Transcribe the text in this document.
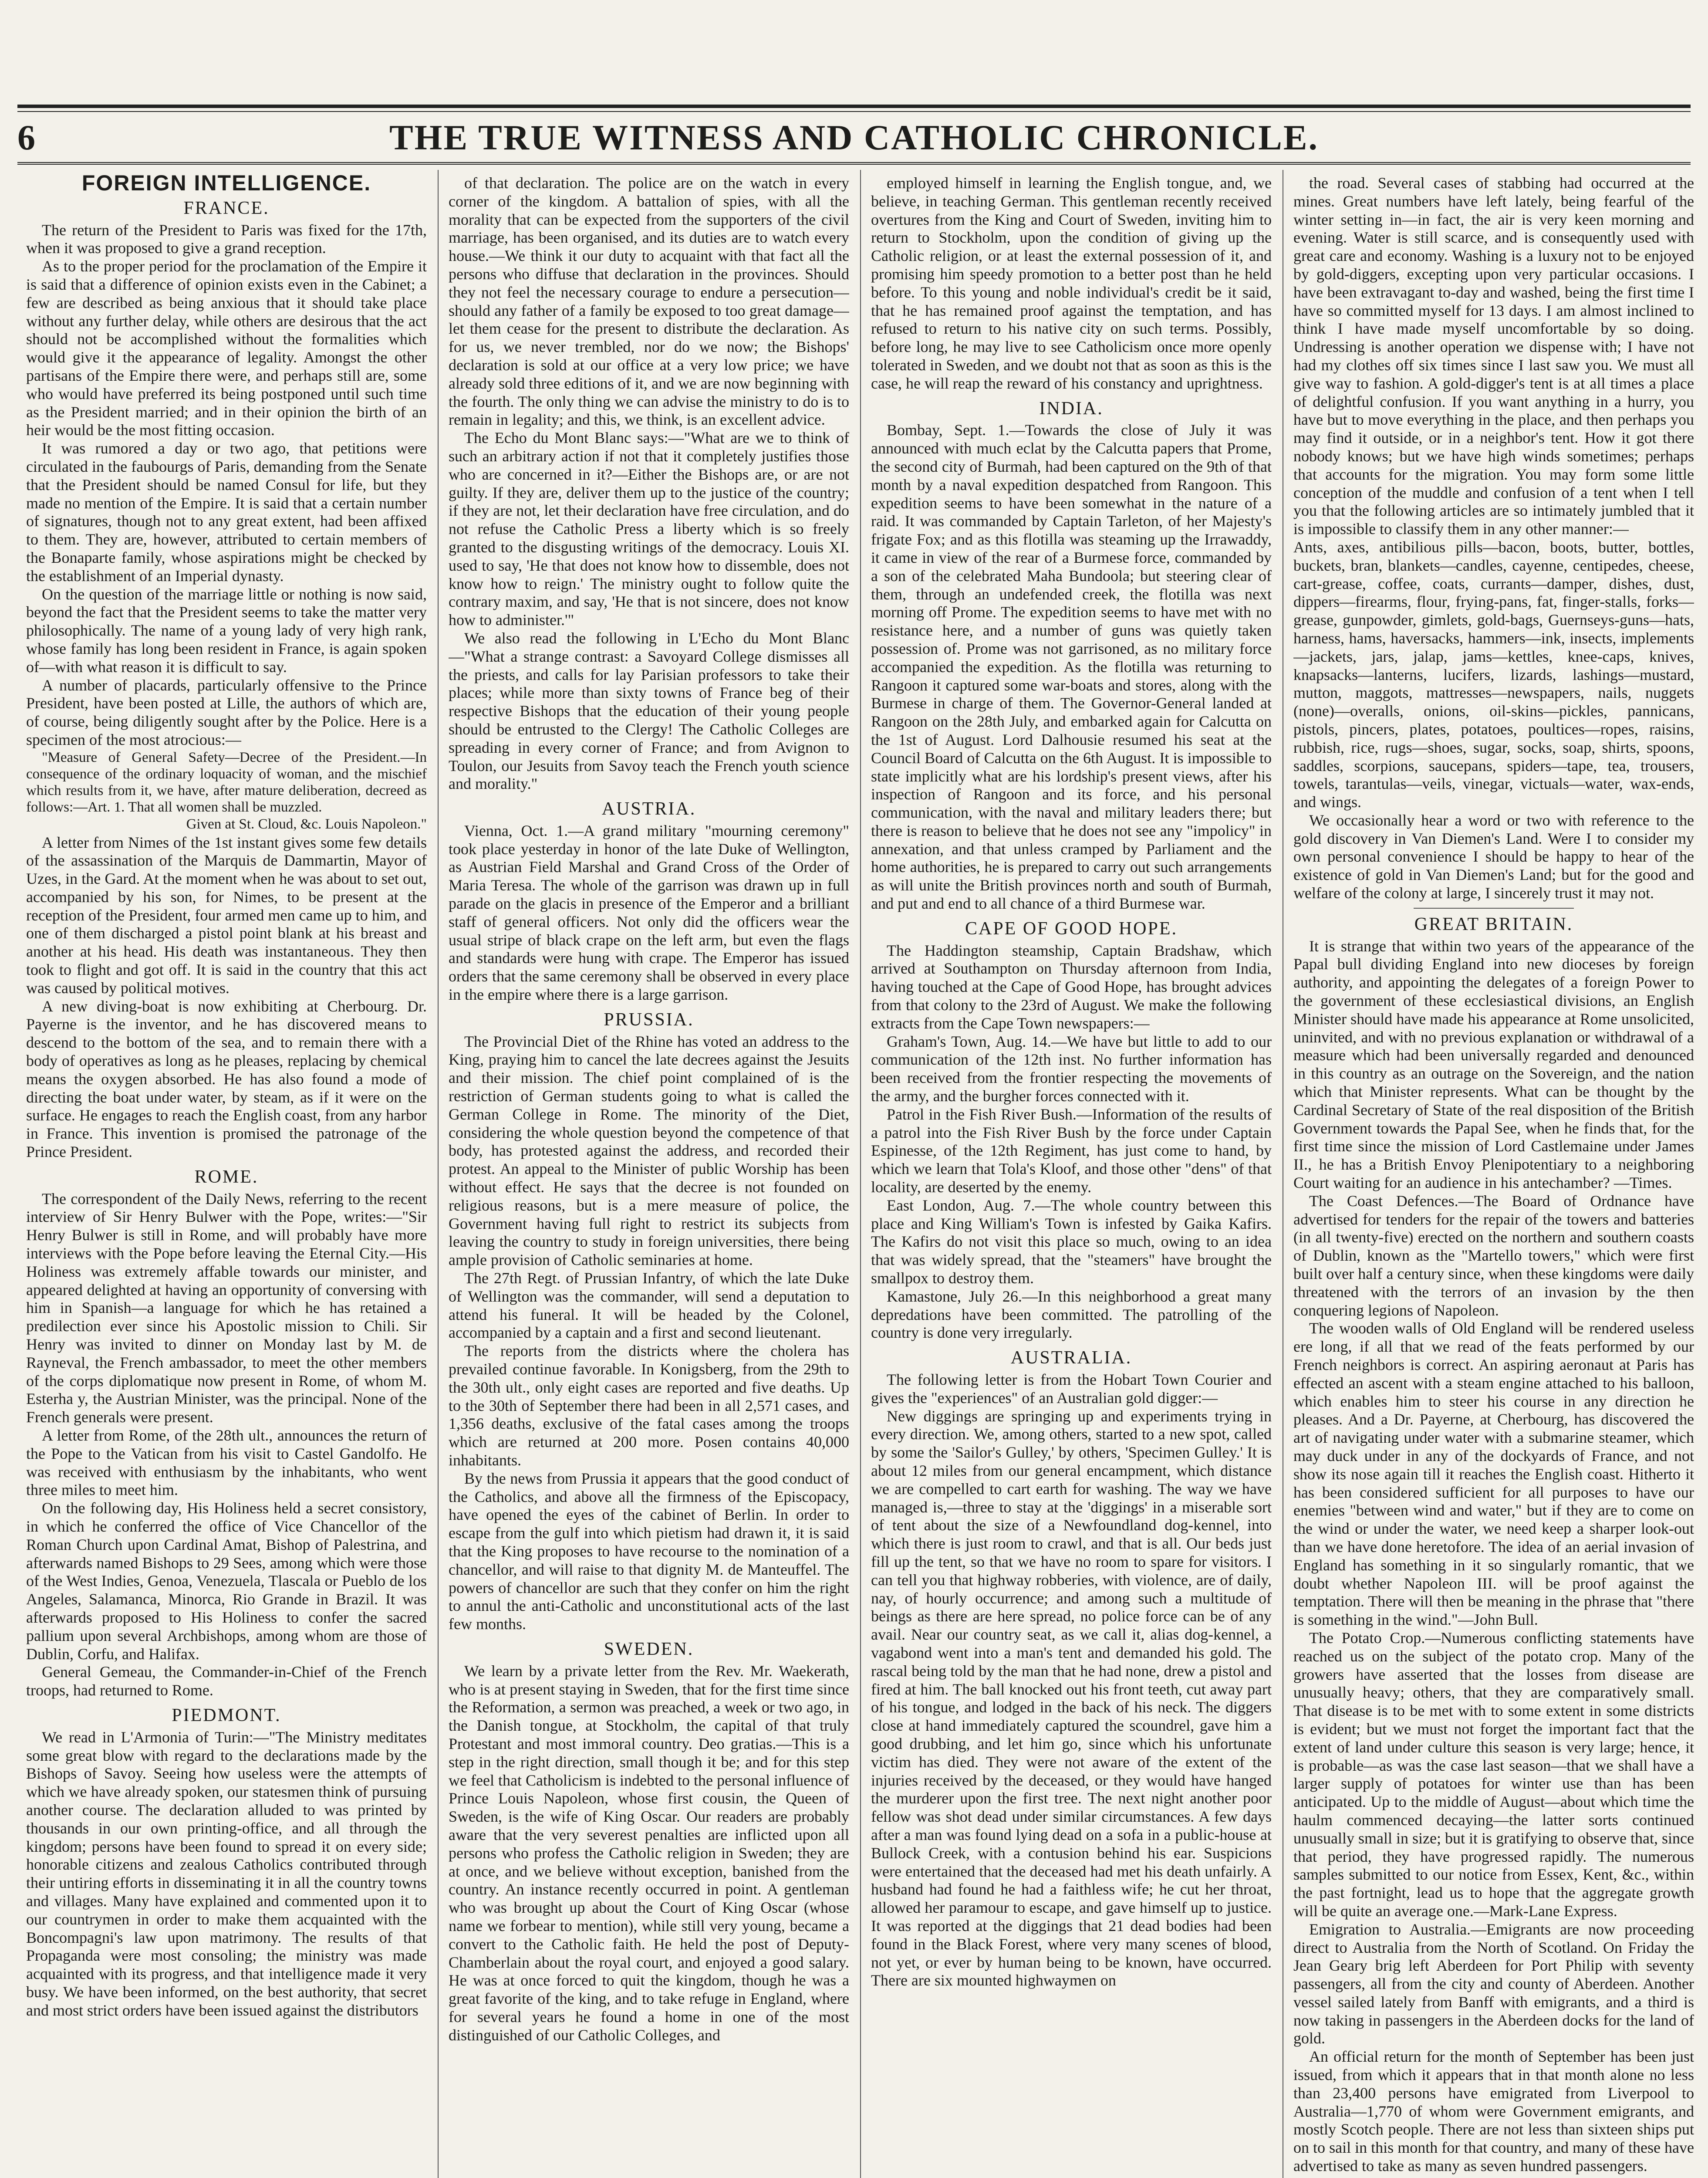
6	THE TRUE WITNESS AND CATHOLIC CHRONICLE.
FOREIGN INTELLIGENCE.
FRANCE.

The return of the President to Paris was fixed for the 17th, when it was proposed to give a grand reception.

As to the proper period for the proclamation of the Empire it is said that a difference of opinion exists even in the Cabinet; a few are described as being anxious that it should take place without any further delay, while others are desirous that the act should not be accomplished without the formalities which would give it the appearance of legality. Amongst the other partisans of the Empire there were, and perhaps still are, some who would have preferred its being postponed until such time as the President married; and in their opinion the birth of an heir would be the most fitting occasion.

It was rumored a day or two ago, that petitions were circulated in the faubourgs of Paris, demanding from the Senate that the President should be named Consul for life, but they made no mention of the Empire. It is said that a certain number of signatures, though not to any great extent, had been affixed to them. They are, however, attributed to certain members of the Bonaparte family, whose aspirations might be checked by the establishment of an Imperial dynasty.

On the question of the marriage little or nothing is now said, beyond the fact that the President seems to take the matter very philosophically. The name of a young lady of very high rank, whose family has long been resident in France, is again spoken of—with what reason it is difficult to say.

A number of placards, particularly offensive to the Prince President, have been posted at Lille, the authors of which are, of course, being diligently sought after by the Police. Here is a specimen of the most atrocious:—

"Measure of General Safety—Decree of the President.—In consequence of the ordinary loquacity of woman, and the mischief which results from it, we have, after mature deliberation, decreed as follows:—Art. 1. That all women shall be muzzled.

Given at St. Cloud, &c. Louis Napoleon."

A letter from Nimes of the 1st instant gives some few details of the assassination of the Marquis de Dammartin, Mayor of Uzes, in the Gard. At the moment when he was about to set out, accompanied by his son, for Nimes, to be present at the reception of the President, four armed men came up to him, and one of them discharged a pistol point blank at his breast and another at his head. His death was instantaneous. They then took to flight and got off. It is said in the country that this act was caused by political motives.

A new diving-boat is now exhibiting at Cherbourg. Dr. Payerne is the inventor, and he has discovered means to descend to the bottom of the sea, and to remain there with a body of operatives as long as he pleases, replacing by chemical means the oxygen absorbed. He has also found a mode of directing the boat under water, by steam, as if it were on the surface. He engages to reach the English coast, from any harbor in France. This invention is promised the patronage of the Prince President.

ROME.

The correspondent of the Daily News, referring to the recent interview of Sir Henry Bulwer with the Pope, writes:—"Sir Henry Bulwer is still in Rome, and will probably have more interviews with the Pope before leaving the Eternal City.—His Holiness was extremely affable towards our minister, and appeared delighted at having an opportunity of conversing with him in Spanish—a language for which he has retained a predilection ever since his Apostolic mission to Chili. Sir Henry was invited to dinner on Monday last by M. de Rayneval, the French ambassador, to meet the other members of the corps diplomatique now present in Rome, of whom M. Esterha y, the Austrian Minister, was the principal. None of the French generals were present.

A letter from Rome, of the 28th ult., announces the return of the Pope to the Vatican from his visit to Castel Gandolfo. He was received with enthusiasm by the inhabitants, who went three miles to meet him.

On the following day, His Holiness held a secret consistory, in which he conferred the office of Vice Chancellor of the Roman Church upon Cardinal Amat, Bishop of Palestrina, and afterwards named Bishops to 29 Sees, among which were those of the West Indies, Genoa, Venezuela, Tlascala or Pueblo de los Angeles, Salamanca, Minorca, Rio Grande in Brazil. It was afterwards proposed to His Holiness to confer the sacred pallium upon several Archbishops, among whom are those of Dublin, Corfu, and Halifax.

General Gemeau, the Commander-in-Chief of the French troops, had returned to Rome.

PIEDMONT.

We read in L'Armonia of Turin:—"The Ministry meditates some great blow with regard to the declarations made by the Bishops of Savoy. Seeing how useless were the attempts of which we have already spoken, our statesmen think of pursuing another course. The declaration alluded to was printed by thousands in our own printing-office, and all through the kingdom; persons have been found to spread it on every side; honorable citizens and zealous Catholics contributed through their untiring efforts in disseminating it in all the country towns and villages. Many have explained and commented upon it to our countrymen in order to make them acquainted with the Boncompagni's law upon matrimony. The results of that Propaganda were most consoling; the ministry was made acquainted with its progress, and that intelligence made it very busy. We have been informed, on the best authority, that secret and most strict orders have been issued against the distributors

of that declaration. The police are on the watch in every corner of the kingdom. A battalion of spies, with all the morality that can be expected from the supporters of the civil marriage, has been organised, and its duties are to watch every house.—We think it our duty to acquaint with that fact all the persons who diffuse that declaration in the provinces. Should they not feel the necessary courage to endure a persecution—should any father of a family be exposed to too great damage—let them cease for the present to distribute the declaration. As for us, we never trembled, nor do we now; the Bishops' declaration is sold at our office at a very low price; we have already sold three editions of it, and we are now beginning with the fourth. The only thing we can advise the ministry to do is to remain in legality; and this, we think, is an excellent advice.

The Echo du Mont Blanc says:—"What are we to think of such an arbitrary action if not that it completely justifies those who are concerned in it?—Either the Bishops are, or are not guilty. If they are, deliver them up to the justice of the country; if they are not, let their declaration have free circulation, and do not refuse the Catholic Press a liberty which is so freely granted to the disgusting writings of the democracy. Louis XI. used to say, 'He that does not know how to dissemble, does not know how to reign.' The ministry ought to follow quite the contrary maxim, and say, 'He that is not sincere, does not know how to administer.'"

We also read the following in L'Echo du Mont Blanc—"What a strange contrast: a Savoyard College dismisses all the priests, and calls for lay Parisian professors to take their places; while more than sixty towns of France beg of their respective Bishops that the education of their young people should be entrusted to the Clergy! The Catholic Colleges are spreading in every corner of France; and from Avignon to Toulon, our Jesuits from Savoy teach the French youth science and morality."

AUSTRIA.

Vienna, Oct. 1.—A grand military "mourning ceremony" took place yesterday in honor of the late Duke of Wellington, as Austrian Field Marshal and Grand Cross of the Order of Maria Teresa. The whole of the garrison was drawn up in full parade on the glacis in presence of the Emperor and a brilliant staff of general officers. Not only did the officers wear the usual stripe of black crape on the left arm, but even the flags and standards were hung with crape. The Emperor has issued orders that the same ceremony shall be observed in every place in the empire where there is a large garrison.

PRUSSIA.

The Provincial Diet of the Rhine has voted an address to the King, praying him to cancel the late decrees against the Jesuits and their mission. The chief point complained of is the restriction of German students going to what is called the German College in Rome. The minority of the Diet, considering the whole question beyond the competence of that body, has protested against the address, and recorded their protest. An appeal to the Minister of public Worship has been without effect. He says that the decree is not founded on religious reasons, but is a mere measure of police, the Government having full right to restrict its subjects from leaving the country to study in foreign universities, there being ample provision of Catholic seminaries at home.

The 27th Regt. of Prussian Infantry, of which the late Duke of Wellington was the commander, will send a deputation to attend his funeral. It will be headed by the Colonel, accompanied by a captain and a first and second lieutenant.

The reports from the districts where the cholera has prevailed continue favorable. In Konigsberg, from the 29th to the 30th ult., only eight cases are reported and five deaths. Up to the 30th of September there had been in all 2,571 cases, and 1,356 deaths, exclusive of the fatal cases among the troops which are returned at 200 more. Posen contains 40,000 inhabitants.

By the news from Prussia it appears that the good conduct of the Catholics, and above all the firmness of the Episcopacy, have opened the eyes of the cabinet of Berlin. In order to escape from the gulf into which pietism had drawn it, it is said that the King proposes to have recourse to the nomination of a chancellor, and will raise to that dignity M. de Manteuffel. The powers of chancellor are such that they confer on him the right to annul the anti-Catholic and unconstitutional acts of the last few months.

SWEDEN.

We learn by a private letter from the Rev. Mr. Waekerath, who is at present staying in Sweden, that for the first time since the Reformation, a sermon was preached, a week or two ago, in the Danish tongue, at Stockholm, the capital of that truly Protestant and most immoral country. Deo gratias.—This is a step in the right direction, small though it be; and for this step we feel that Catholicism is indebted to the personal influence of Prince Louis Napoleon, whose first cousin, the Queen of Sweden, is the wife of King Oscar. Our readers are probably aware that the very severest penalties are inflicted upon all persons who profess the Catholic religion in Sweden; they are at once, and we believe without exception, banished from the country. An instance recently occurred in point. A gentleman who was brought up about the Court of King Oscar (whose name we forbear to mention), while still very young, became a convert to the Catholic faith. He held the post of Deputy-Chamberlain about the royal court, and enjoyed a good salary. He was at once forced to quit the kingdom, though he was a great favorite of the king, and to take refuge in England, where for several years he found a home in one of the most distinguished of our Catholic Colleges, and

employed himself in learning the English tongue, and, we believe, in teaching German. This gentleman recently received overtures from the King and Court of Sweden, inviting him to return to Stockholm, upon the condition of giving up the Catholic religion, or at least the external possession of it, and promising him speedy promotion to a better post than he held before. To this young and noble individual's credit be it said, that he has remained proof against the temptation, and has refused to return to his native city on such terms. Possibly, before long, he may live to see Catholicism once more openly tolerated in Sweden, and we doubt not that as soon as this is the case, he will reap the reward of his constancy and uprightness.

INDIA.

Bombay, Sept. 1.—Towards the close of July it was announced with much eclat by the Calcutta papers that Prome, the second city of Burmah, had been captured on the 9th of that month by a naval expedition despatched from Rangoon. This expedition seems to have been somewhat in the nature of a raid. It was commanded by Captain Tarleton, of her Majesty's frigate Fox; and as this flotilla was steaming up the Irrawaddy, it came in view of the rear of a Burmese force, commanded by a son of the celebrated Maha Bundoola; but steering clear of them, through an undefended creek, the flotilla was next morning off Prome. The expedition seems to have met with no resistance here, and a number of guns was quietly taken possession of. Prome was not garrisoned, as no military force accompanied the expedition. As the flotilla was returning to Rangoon it captured some war-boats and stores, along with the Burmese in charge of them. The Governor-General landed at Rangoon on the 28th July, and embarked again for Calcutta on the 1st of August. Lord Dalhousie resumed his seat at the Council Board of Calcutta on the 6th August. It is impossible to state implicitly what are his lordship's present views, after his inspection of Rangoon and its force, and his personal communication, with the naval and military leaders there; but there is reason to believe that he does not see any "impolicy" in annexation, and that unless cramped by Parliament and the home authorities, he is prepared to carry out such arrangements as will unite the British provinces north and south of Burmah, and put and end to all chance of a third Burmese war.

CAPE OF GOOD HOPE.

The Haddington steamship, Captain Bradshaw, which arrived at Southampton on Thursday afternoon from India, having touched at the Cape of Good Hope, has brought advices from that colony to the 23rd of August. We make the following extracts from the Cape Town newspapers:—

Graham's Town, Aug. 14.—We have but little to add to our communication of the 12th inst. No further information has been received from the frontier respecting the movements of the army, and the burgher forces connected with it.

Patrol in the Fish River Bush.—Information of the results of a patrol into the Fish River Bush by the force under Captain Espinesse, of the 12th Regiment, has just come to hand, by which we learn that Tola's Kloof, and those other "dens" of that locality, are deserted by the enemy.

East London, Aug. 7.—The whole country between this place and King William's Town is infested by Gaika Kafirs. The Kafirs do not visit this place so much, owing to an idea that was widely spread, that the "steamers" have brought the smallpox to destroy them.

Kamastone, July 26.—In this neighborhood a great many depredations have been committed. The patrolling of the country is done very irregularly.

AUSTRALIA.

The following letter is from the Hobart Town Courier and gives the "experiences" of an Australian gold digger:—

New diggings are springing up and experiments trying in every direction. We, among others, started to a new spot, called by some the 'Sailor's Gulley,' by others, 'Specimen Gulley.' It is about 12 miles from our general encampment, which distance we are compelled to cart earth for washing. The way we have managed is,—three to stay at the 'diggings' in a miserable sort of tent about the size of a Newfoundland dog-kennel, into which there is just room to crawl, and that is all. Our beds just fill up the tent, so that we have no room to spare for visitors. I can tell you that highway robberies, with violence, are of daily, nay, of hourly occurrence; and among such a multitude of beings as there are here spread, no police force can be of any avail. Near our country seat, as we call it, alias dog-kennel, a vagabond went into a man's tent and demanded his gold. The rascal being told by the man that he had none, drew a pistol and fired at him. The ball knocked out his front teeth, cut away part of his tongue, and lodged in the back of his neck. The diggers close at hand immediately captured the scoundrel, gave him a good drubbing, and let him go, since which his unfortunate victim has died. They were not aware of the extent of the injuries received by the deceased, or they would have hanged the murderer upon the first tree. The next night another poor fellow was shot dead under similar circumstances. A few days after a man was found lying dead on a sofa in a public-house at Bullock Creek, with a contusion behind his ear. Suspicions were entertained that the deceased had met his death unfairly. A husband had found he had a faithless wife; he cut her throat, allowed her paramour to escape, and gave himself up to justice. It was reported at the diggings that 21 dead bodies had been found in the Black Forest, where very many scenes of blood, not yet, or ever by human being to be known, have occurred. There are six mounted highwaymen on

the road. Several cases of stabbing had occurred at the mines. Great numbers have left lately, being fearful of the winter setting in—in fact, the air is very keen morning and evening. Water is still scarce, and is consequently used with great care and economy. Washing is a luxury not to be enjoyed by gold-diggers, excepting upon very particular occasions. I have been extravagant to-day and washed, being the first time I have so committed myself for 13 days. I am almost inclined to think I have made myself uncomfortable by so doing. Undressing is another operation we dispense with; I have not had my clothes off six times since I last saw you. We must all give way to fashion. A gold-digger's tent is at all times a place of delightful confusion. If you want anything in a hurry, you have but to move everything in the place, and then perhaps you may find it outside, or in a neighbor's tent. How it got there nobody knows; but we have high winds sometimes; perhaps that accounts for the migration. You may form some little conception of the muddle and confusion of a tent when I tell you that the following articles are so intimately jumbled that it is impossible to classify them in any other manner:—

Ants, axes, antibilious pills—bacon, boots, butter, bottles, buckets, bran, blankets—candles, cayenne, centipedes, cheese, cart-grease, coffee, coats, currants—damper, dishes, dust, dippers—firearms, flour, frying-pans, fat, finger-stalls, forks—grease, gunpowder, gimlets, gold-bags, Guernseys-guns—hats, harness, hams, haversacks, hammers—ink, insects, implements—jackets, jars, jalap, jams—kettles, knee-caps, knives, knapsacks—lanterns, lucifers, lizards, lashings—mustard, mutton, maggots, mattresses—newspapers, nails, nuggets (none)—overalls, onions, oil-skins—pickles, pannicans, pistols, pincers, plates, potatoes, poultices—ropes, raisins, rubbish, rice, rugs—shoes, sugar, socks, soap, shirts, spoons, saddles, scorpions, saucepans, spiders—tape, tea, trousers, towels, tarantulas—veils, vinegar, victuals—water, wax-ends, and wings.

We occasionally hear a word or two with reference to the gold discovery in Van Diemen's Land. Were I to consider my own personal convenience I should be happy to hear of the existence of gold in Van Diemen's Land; but for the good and welfare of the colony at large, I sincerely trust it may not.

GREAT BRITAIN.

It is strange that within two years of the appearance of the Papal bull dividing England into new dioceses by foreign authority, and appointing the delegates of a foreign Power to the government of these ecclesiastical divisions, an English Minister should have made his appearance at Rome unsolicited, uninvited, and with no previous explanation or withdrawal of a measure which had been universally regarded and denounced in this country as an outrage on the Sovereign, and the nation which that Minister represents. What can be thought by the Cardinal Secretary of State of the real disposition of the British Government towards the Papal See, when he finds that, for the first time since the mission of Lord Castlemaine under James II., he has a British Envoy Plenipotentiary to a neighboring Court waiting for an audience in his antechamber? —Times.

The Coast Defences.—The Board of Ordnance have advertised for tenders for the repair of the towers and batteries (in all twenty-five) erected on the northern and southern coasts of Dublin, known as the "Martello towers," which were first built over half a century since, when these kingdoms were daily threatened with the terrors of an invasion by the then conquering legions of Napoleon.

The wooden walls of Old England will be rendered useless ere long, if all that we read of the feats performed by our French neighbors is correct. An aspiring aeronaut at Paris has effected an ascent with a steam engine attached to his balloon, which enables him to steer his course in any direction he pleases. And a Dr. Payerne, at Cherbourg, has discovered the art of navigating under water with a submarine steamer, which may duck under in any of the dockyards of France, and not show its nose again till it reaches the English coast. Hitherto it has been considered sufficient for all purposes to have our enemies "between wind and water," but if they are to come on the wind or under the water, we need keep a sharper look-out than we have done heretofore. The idea of an aerial invasion of England has something in it so singularly romantic, that we doubt whether Napoleon III. will be proof against the temptation. There will then be meaning in the phrase that "there is something in the wind."—John Bull.

The Potato Crop.—Numerous conflicting statements have reached us on the subject of the potato crop. Many of the growers have asserted that the losses from disease are unusually heavy; others, that they are comparatively small. That disease is to be met with to some extent in some districts is evident; but we must not forget the important fact that the extent of land under culture this season is very large; hence, it is probable—as was the case last season—that we shall have a larger supply of potatoes for winter use than has been anticipated. Up to the middle of August—about which time the haulm commenced decaying—the latter sorts continued unusually small in size; but it is gratifying to observe that, since that period, they have progressed rapidly. The numerous samples submitted to our notice from Essex, Kent, &c., within the past fortnight, lead us to hope that the aggregate growth will be quite an average one.—Mark-Lane Express.

Emigration to Australia.—Emigrants are now proceeding direct to Australia from the North of Scotland. On Friday the Jean Geary brig left Aberdeen for Port Philip with seventy passengers, all from the city and county of Aberdeen. Another vessel sailed lately from Banff with emigrants, and a third is now taking in passengers in the Aberdeen docks for the land of gold.

An official return for the month of September has been just issued, from which it appears that in that month alone no less than 23,400 persons have emigrated from Liverpool to Australia—1,770 of whom were Government emigrants, and mostly Scotch people. There are not less than sixteen ships put on to sail in this month for that country, and many of these have advertised to take as many as seven hundred passengers.
